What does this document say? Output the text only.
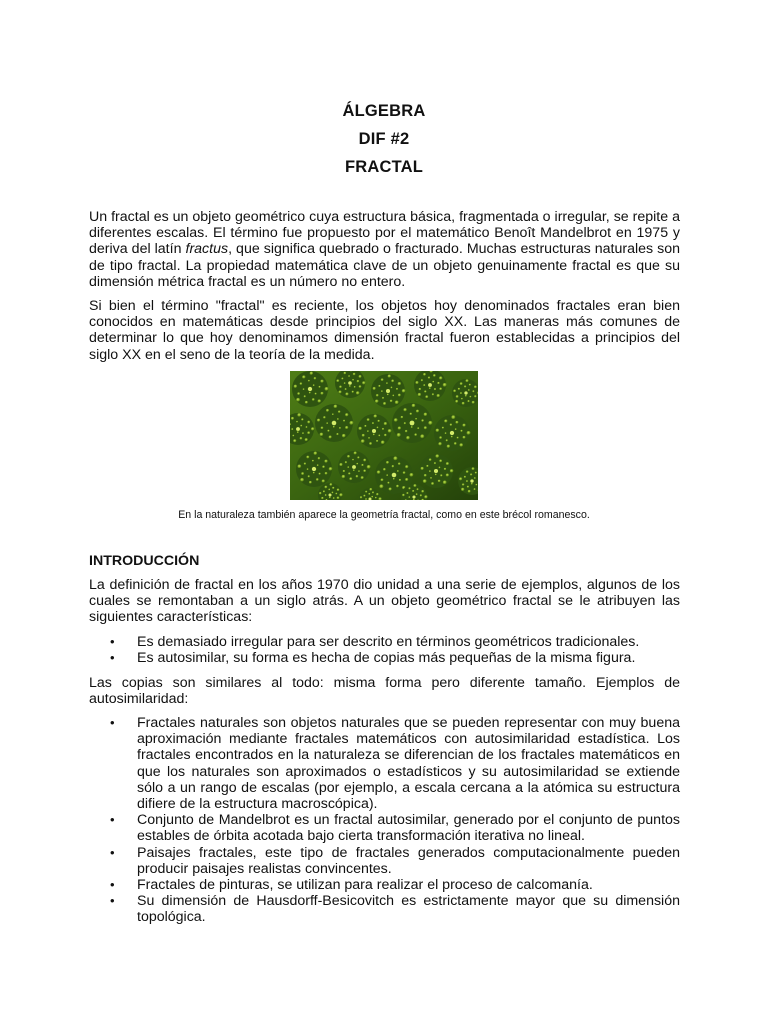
ÁLGEBRA
DIF #2
FRACTAL

Un fractal es un objeto geométrico cuya estructura básica, fragmentada o irregular, se repite a diferentes escalas. El término fue propuesto por el matemático Benoît Mandelbrot en 1975 y deriva del latín fractus, que significa quebrado o fracturado. Muchas estructuras naturales son de tipo fractal. La propiedad matemática clave de un objeto genuinamente fractal es que su dimensión métrica fractal es un número no entero.

Si bien el término "fractal" es reciente, los objetos hoy denominados fractales eran bien conocidos en matemáticas desde principios del siglo XX. Las maneras más comunes de determinar lo que hoy denominamos dimensión fractal fueron establecidas a principios del siglo XX en el seno de la teoría de la medida.

En la naturaleza también aparece la geometría fractal, como en este brécol romanesco.
INTRODUCCIÓN

La definición de fractal en los años 1970 dio unidad a una serie de ejemplos, algunos de los cuales se remontaban a un siglo atrás. A un objeto geométrico fractal se le atribuyen las siguientes características:

• Es demasiado irregular para ser descrito en términos geométricos tradicionales.
• Es autosimilar, su forma es hecha de copias más pequeñas de la misma figura.

Las copias son similares al todo: misma forma pero diferente tamaño. Ejemplos de autosimilaridad:

• Fractales naturales son objetos naturales que se pueden representar con muy buena aproximación mediante fractales matemáticos con autosimilaridad estadística. Los fractales encontrados en la naturaleza se diferencian de los fractales matemáticos en que los naturales son aproximados o estadísticos y su autosimilaridad se extiende sólo a un rango de escalas (por ejemplo, a escala cercana a la atómica su estructura difiere de la estructura macroscópica).
• Conjunto de Mandelbrot es un fractal autosimilar, generado por el conjunto de puntos estables de órbita acotada bajo cierta transformación iterativa no lineal.
• Paisajes fractales, este tipo de fractales generados computacionalmente pueden producir paisajes realistas convincentes.
• Fractales de pinturas, se utilizan para realizar el proceso de calcomanía.
• Su dimensión de Hausdorff-Besicovitch es estrictamente mayor que su dimensión topológica.
